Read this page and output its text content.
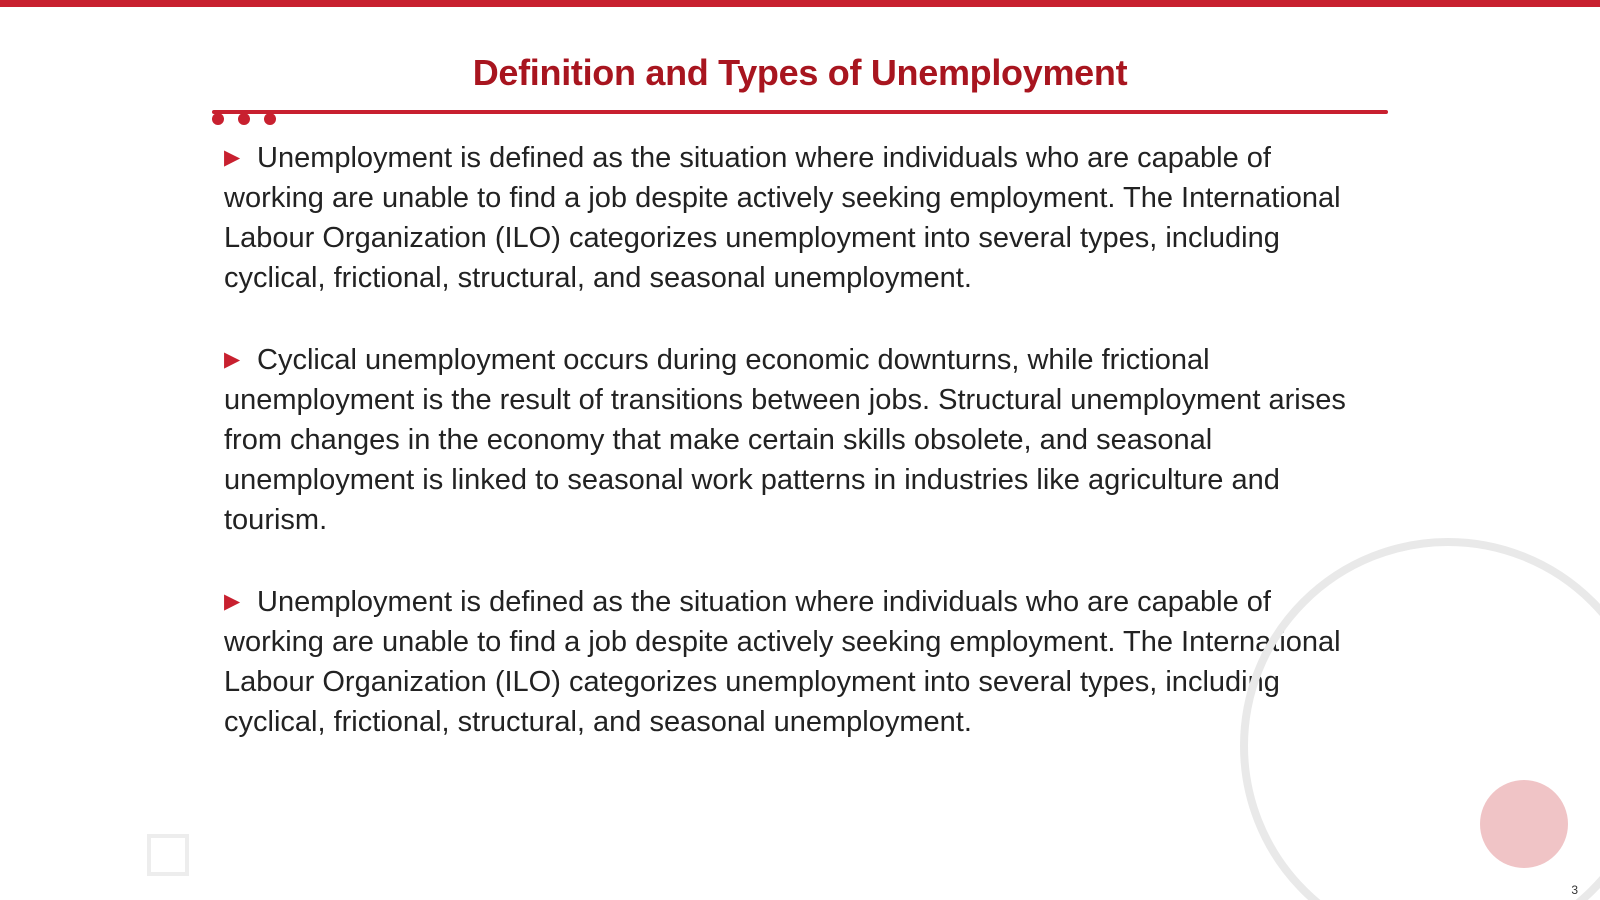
Definition and Types of Unemployment

▶ Unemployment is defined as the situation where individuals who are capable of working are unable to find a job despite actively seeking employment. The International Labour Organization (ILO) categorizes unemployment into several types, including cyclical, frictional, structural, and seasonal unemployment.

▶ Cyclical unemployment occurs during economic downturns, while frictional unemployment is the result of transitions between jobs. Structural unemployment arises from changes in the economy that make certain skills obsolete, and seasonal unemployment is linked to seasonal work patterns in industries like agriculture and tourism.

▶ Unemployment is defined as the situation where individuals who are capable of working are unable to find a job despite actively seeking employment. The International Labour Organization (ILO) categorizes unemployment into several types, including cyclical, frictional, structural, and seasonal unemployment.

3
